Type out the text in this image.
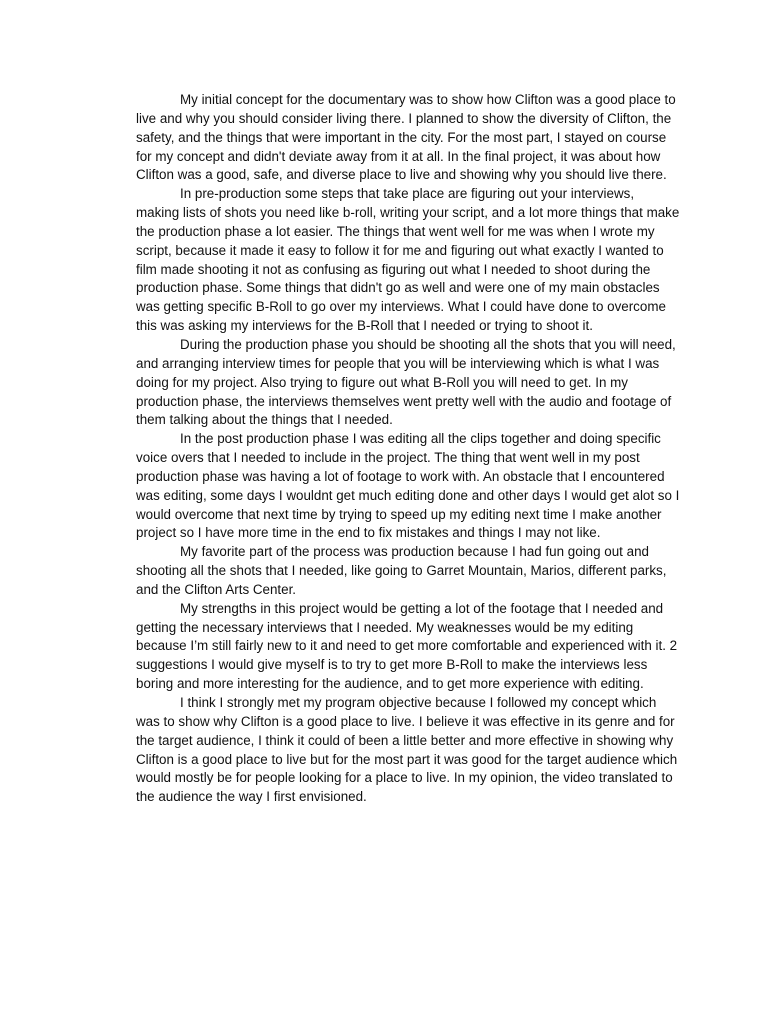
My initial concept for the documentary was to show how Clifton was a good place to live and why you should consider living there. I planned to show the diversity of Clifton, the safety, and the things that were important in the city. For the most part, I stayed on course for my concept and didn't deviate away from it at all. In the final project, it was about how Clifton was a good, safe, and diverse place to live and showing why you should live there.

In pre-production some steps that take place are figuring out your interviews, making lists of shots you need like b-roll, writing your script, and a lot more things that make the production phase a lot easier. The things that went well for me was when I wrote my script, because it made it easy to follow it for me and figuring out what exactly I wanted to film made shooting it not as confusing as figuring out what I needed to shoot during the production phase. Some things that didn't go as well and were one of my main obstacles was getting specific B-Roll to go over my interviews. What I could have done to overcome this was asking my interviews for the B-Roll that I needed or trying to shoot it.

During the production phase you should be shooting all the shots that you will need, and arranging interview times for people that you will be interviewing which is what I was doing for my project. Also trying to figure out what B-Roll you will need to get. In my production phase, the interviews themselves went pretty well with the audio and footage of them talking about the things that I needed.

In the post production phase I was editing all the clips together and doing specific voice overs that I needed to include in the project. The thing that went well in my post production phase was having a lot of footage to work with. An obstacle that I encountered was editing, some days I wouldnt get much editing done and other days I would get alot so I would overcome that next time by trying to speed up my editing next time I make another project so I have more time in the end to fix mistakes and things I may not like.

My favorite part of the process was production because I had fun going out and shooting all the shots that I needed, like going to Garret Mountain, Marios, different parks, and the Clifton Arts Center.

My strengths in this project would be getting a lot of the footage that I needed and getting the necessary interviews that I needed. My weaknesses would be my editing because I’m still fairly new to it and need to get more comfortable and experienced with it. 2 suggestions I would give myself is to try to get more B-Roll to make the interviews less boring and more interesting for the audience, and to get more experience with editing.

I think I strongly met my program objective because I followed my concept which was to show why Clifton is a good place to live. I believe it was effective in its genre and for the target audience, I think it could of been a little better and more effective in showing why Clifton is a good place to live but for the most part it was good for the target audience which would mostly be for people looking for a place to live. In my opinion, the video translated to the audience the way I first envisioned.
